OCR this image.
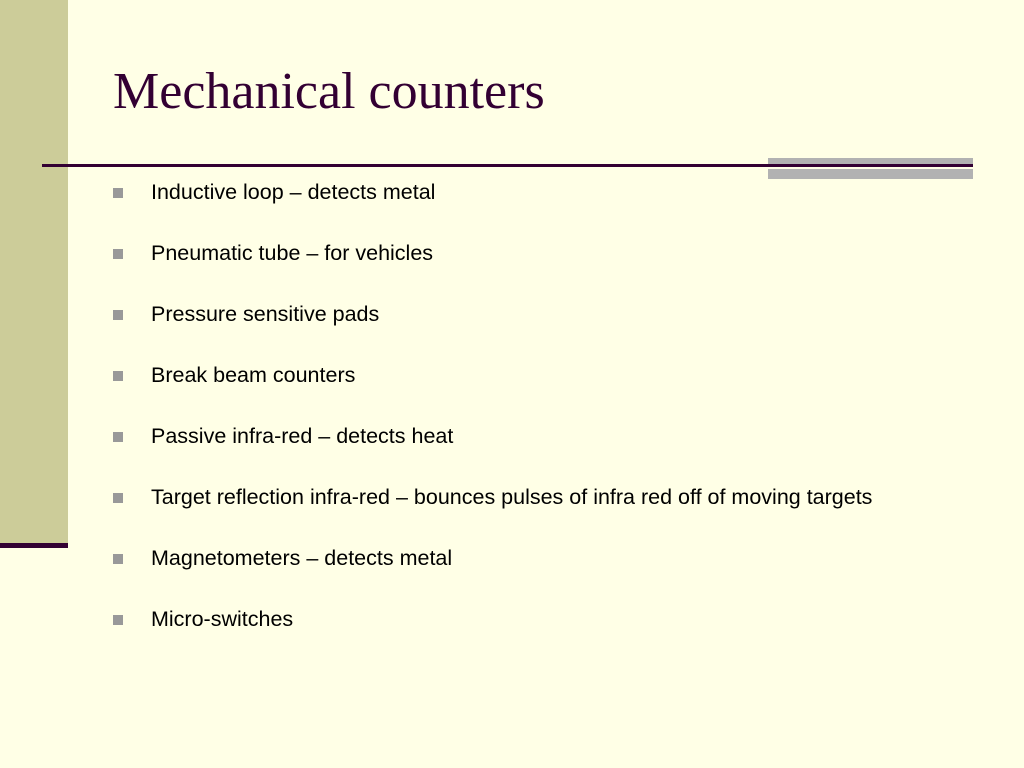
Mechanical counters
Inductive loop – detects metal
Pneumatic tube – for vehicles
Pressure sensitive pads
Break beam counters
Passive infra-red – detects heat
Target reflection infra-red – bounces pulses of infra red off of moving targets
Magnetometers – detects metal
Micro-switches
